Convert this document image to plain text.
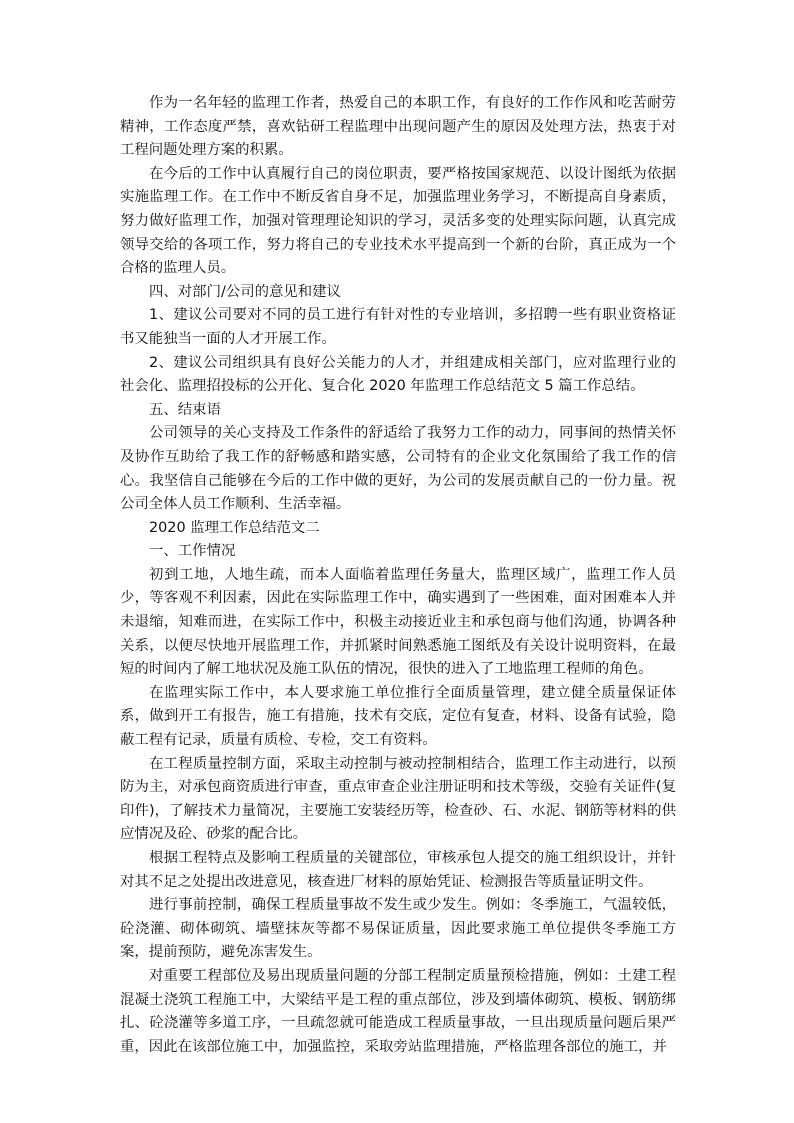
作为一名年轻的监理工作者，热爱自己的本职工作，有良好的工作作风和吃苦耐劳精神，工作态度严禁，喜欢钻研工程监理中出现问题产生的原因及处理方法，热衷于对工程问题处理方案的积累。

在今后的工作中认真履行自己的岗位职责，要严格按国家规范、以设计图纸为依据实施监理工作。在工作中不断反省自身不足，加强监理业务学习，不断提高自身素质，努力做好监理工作，加强对管理理论知识的学习，灵活多变的处理实际问题，认真完成领导交给的各项工作，努力将自己的专业技术水平提高到一个新的台阶，真正成为一个合格的监理人员。

四、对部门/公司的意见和建议

1、建议公司要对不同的员工进行有针对性的专业培训，多招聘一些有职业资格证书又能独当一面的人才开展工作。

2、建议公司组织具有良好公关能力的人才，并组建成相关部门，应对监理行业的社会化、监理招投标的公开化、复合化 2020 年监理工作总结范文 5 篇工作总结。

五、结束语

公司领导的关心支持及工作条件的舒适给了我努力工作的动力，同事间的热情关怀及协作互助给了我工作的舒畅感和踏实感，公司特有的企业文化氛围给了我工作的信心。我坚信自己能够在今后的工作中做的更好，为公司的发展贡献自己的一份力量。祝公司全体人员工作顺利、生活幸福。

2020 监理工作总结范文二

一、工作情况

初到工地，人地生疏，而本人面临着监理任务量大，监理区域广，监理工作人员少，等客观不利因素，因此在实际监理工作中，确实遇到了一些困难，面对困难本人并未退缩，知难而进，在实际工作中，积极主动接近业主和承包商与他们沟通，协调各种关系，以便尽快地开展监理工作，并抓紧时间熟悉施工图纸及有关设计说明资料，在最短的时间内了解工地状况及施工队伍的情况，很快的进入了工地监理工程师的角色。

在监理实际工作中，本人要求施工单位推行全面质量管理，建立健全质量保证体系，做到开工有报告，施工有措施，技术有交底，定位有复查，材料、设备有试验，隐蔽工程有记录，质量有质检、专检，交工有资料。

在工程质量控制方面，采取主动控制与被动控制相结合，监理工作主动进行，以预防为主，对承包商资质进行审查，重点审查企业注册证明和技术等级，交验有关证件(复印件)，了解技术力量简况，主要施工安装经历等，检查砂、石、水泥、钢筋等材料的供应情况及砼、砂浆的配合比。

根据工程特点及影响工程质量的关键部位，审核承包人提交的施工组织设计，并针对其不足之处提出改进意见，核查进厂材料的原始凭证、检测报告等质量证明文件。

进行事前控制，确保工程质量事故不发生或少发生。例如：冬季施工，气温较低，砼浇灌、砌体砌筑、墙壁抹灰等都不易保证质量，因此要求施工单位提供冬季施工方案，提前预防，避免冻害发生。

对重要工程部位及易出现质量问题的分部工程制定质量预检措施，例如：土建工程混凝土浇筑工程施工中，大梁结平是工程的重点部位，涉及到墙体砌筑、模板、钢筋绑扎、砼浇灌等多道工序，一旦疏忽就可能造成工程质量事故，一旦出现质量问题后果严重，因此在该部位施工中，加强监控，采取旁站监理措施，严格监理各部位的施工，并
